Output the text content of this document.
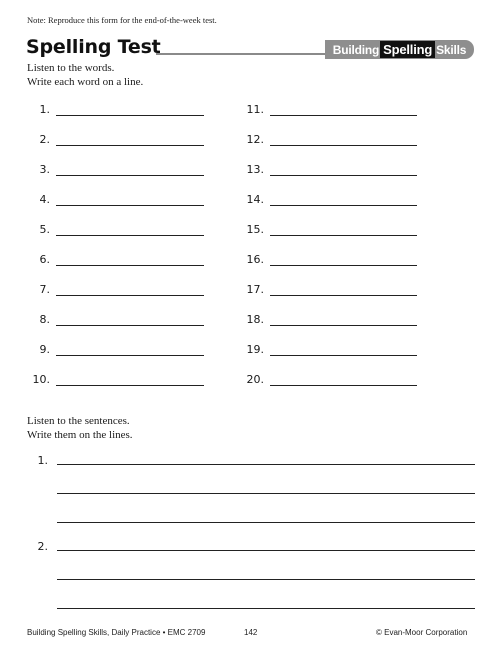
Note: Reproduce this form for the end-of-the-week test.
Spelling Test	Building Spelling Skills
Listen to the words.
Write each word on a line.
1.
2.
3.
4.
5.
6.
7.
8.
9.
10.
11.
12.
13.
14.
15.
16.
17.
18.
19.
20.
Listen to the sentences.
Write them on the lines.
1.
2.
Building Spelling Skills, Daily Practice • EMC 2709	142	© Evan-Moor Corporation
